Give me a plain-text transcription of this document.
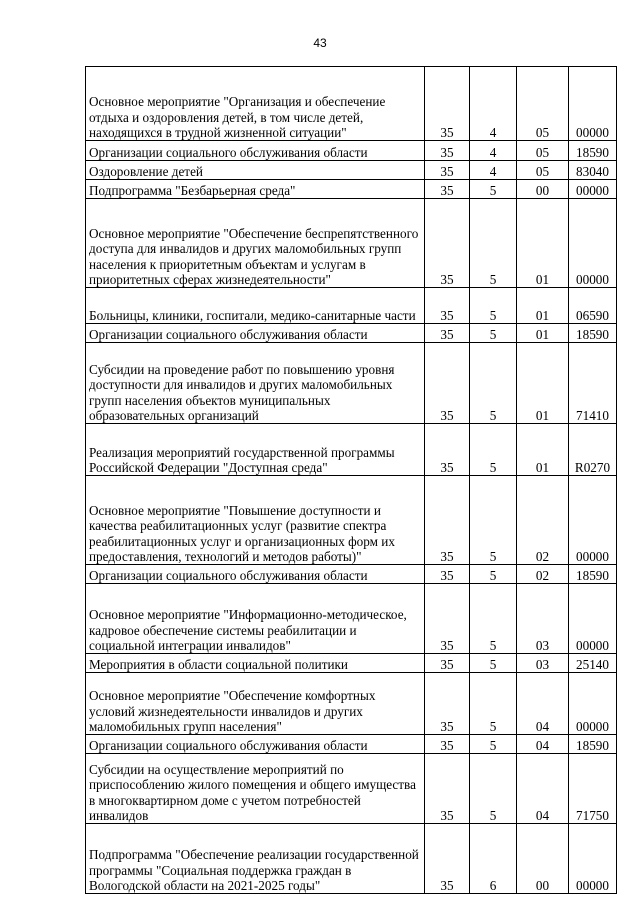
43
Основное мероприятие "Организация и обеспечение отдыха и оздоровления детей, в том числе детей, находящихся в трудной жизненной ситуации"	35	4	05	00000
Организации социального обслуживания области	35	4	05	18590
Оздоровление детей	35	4	05	83040
Подпрограмма "Безбарьерная среда"	35	5	00	00000
Основное мероприятие "Обеспечение беспрепятственного доступа для инвалидов и других маломобильных групп населения к приоритетным объектам и услугам в приоритетных сферах жизнедеятельности"	35	5	01	00000
Больницы, клиники, госпитали, медико-санитарные части	35	5	01	06590
Организации социального обслуживания области	35	5	01	18590
Субсидии на проведение работ по повышению уровня доступности для инвалидов и других маломобильных групп населения объектов муниципальных образовательных организаций	35	5	01	71410
Реализация мероприятий государственной программы Российской Федерации "Доступная среда"	35	5	01	R0270
Основное мероприятие "Повышение доступности и качества реабилитационных услуг (развитие спектра реабилитационных услуг и организационных форм их предоставления, технологий и методов работы)"	35	5	02	00000
Организации социального обслуживания области	35	5	02	18590
Основное мероприятие "Информационно-методическое, кадровое обеспечение системы реабилитации и социальной интеграции инвалидов"	35	5	03	00000
Мероприятия в области социальной политики	35	5	03	25140
Основное мероприятие "Обеспечение комфортных условий жизнедеятельности инвалидов и других маломобильных групп населения"	35	5	04	00000
Организации социального обслуживания области	35	5	04	18590
Субсидии на осуществление мероприятий по приспособлению жилого помещения и общего имущества в многоквартирном доме с учетом потребностей инвалидов	35	5	04	71750
Подпрограмма "Обеспечение реализации государственной программы "Социальная поддержка граждан в Вологодской области на 2021-2025 годы"	35	6	00	00000
